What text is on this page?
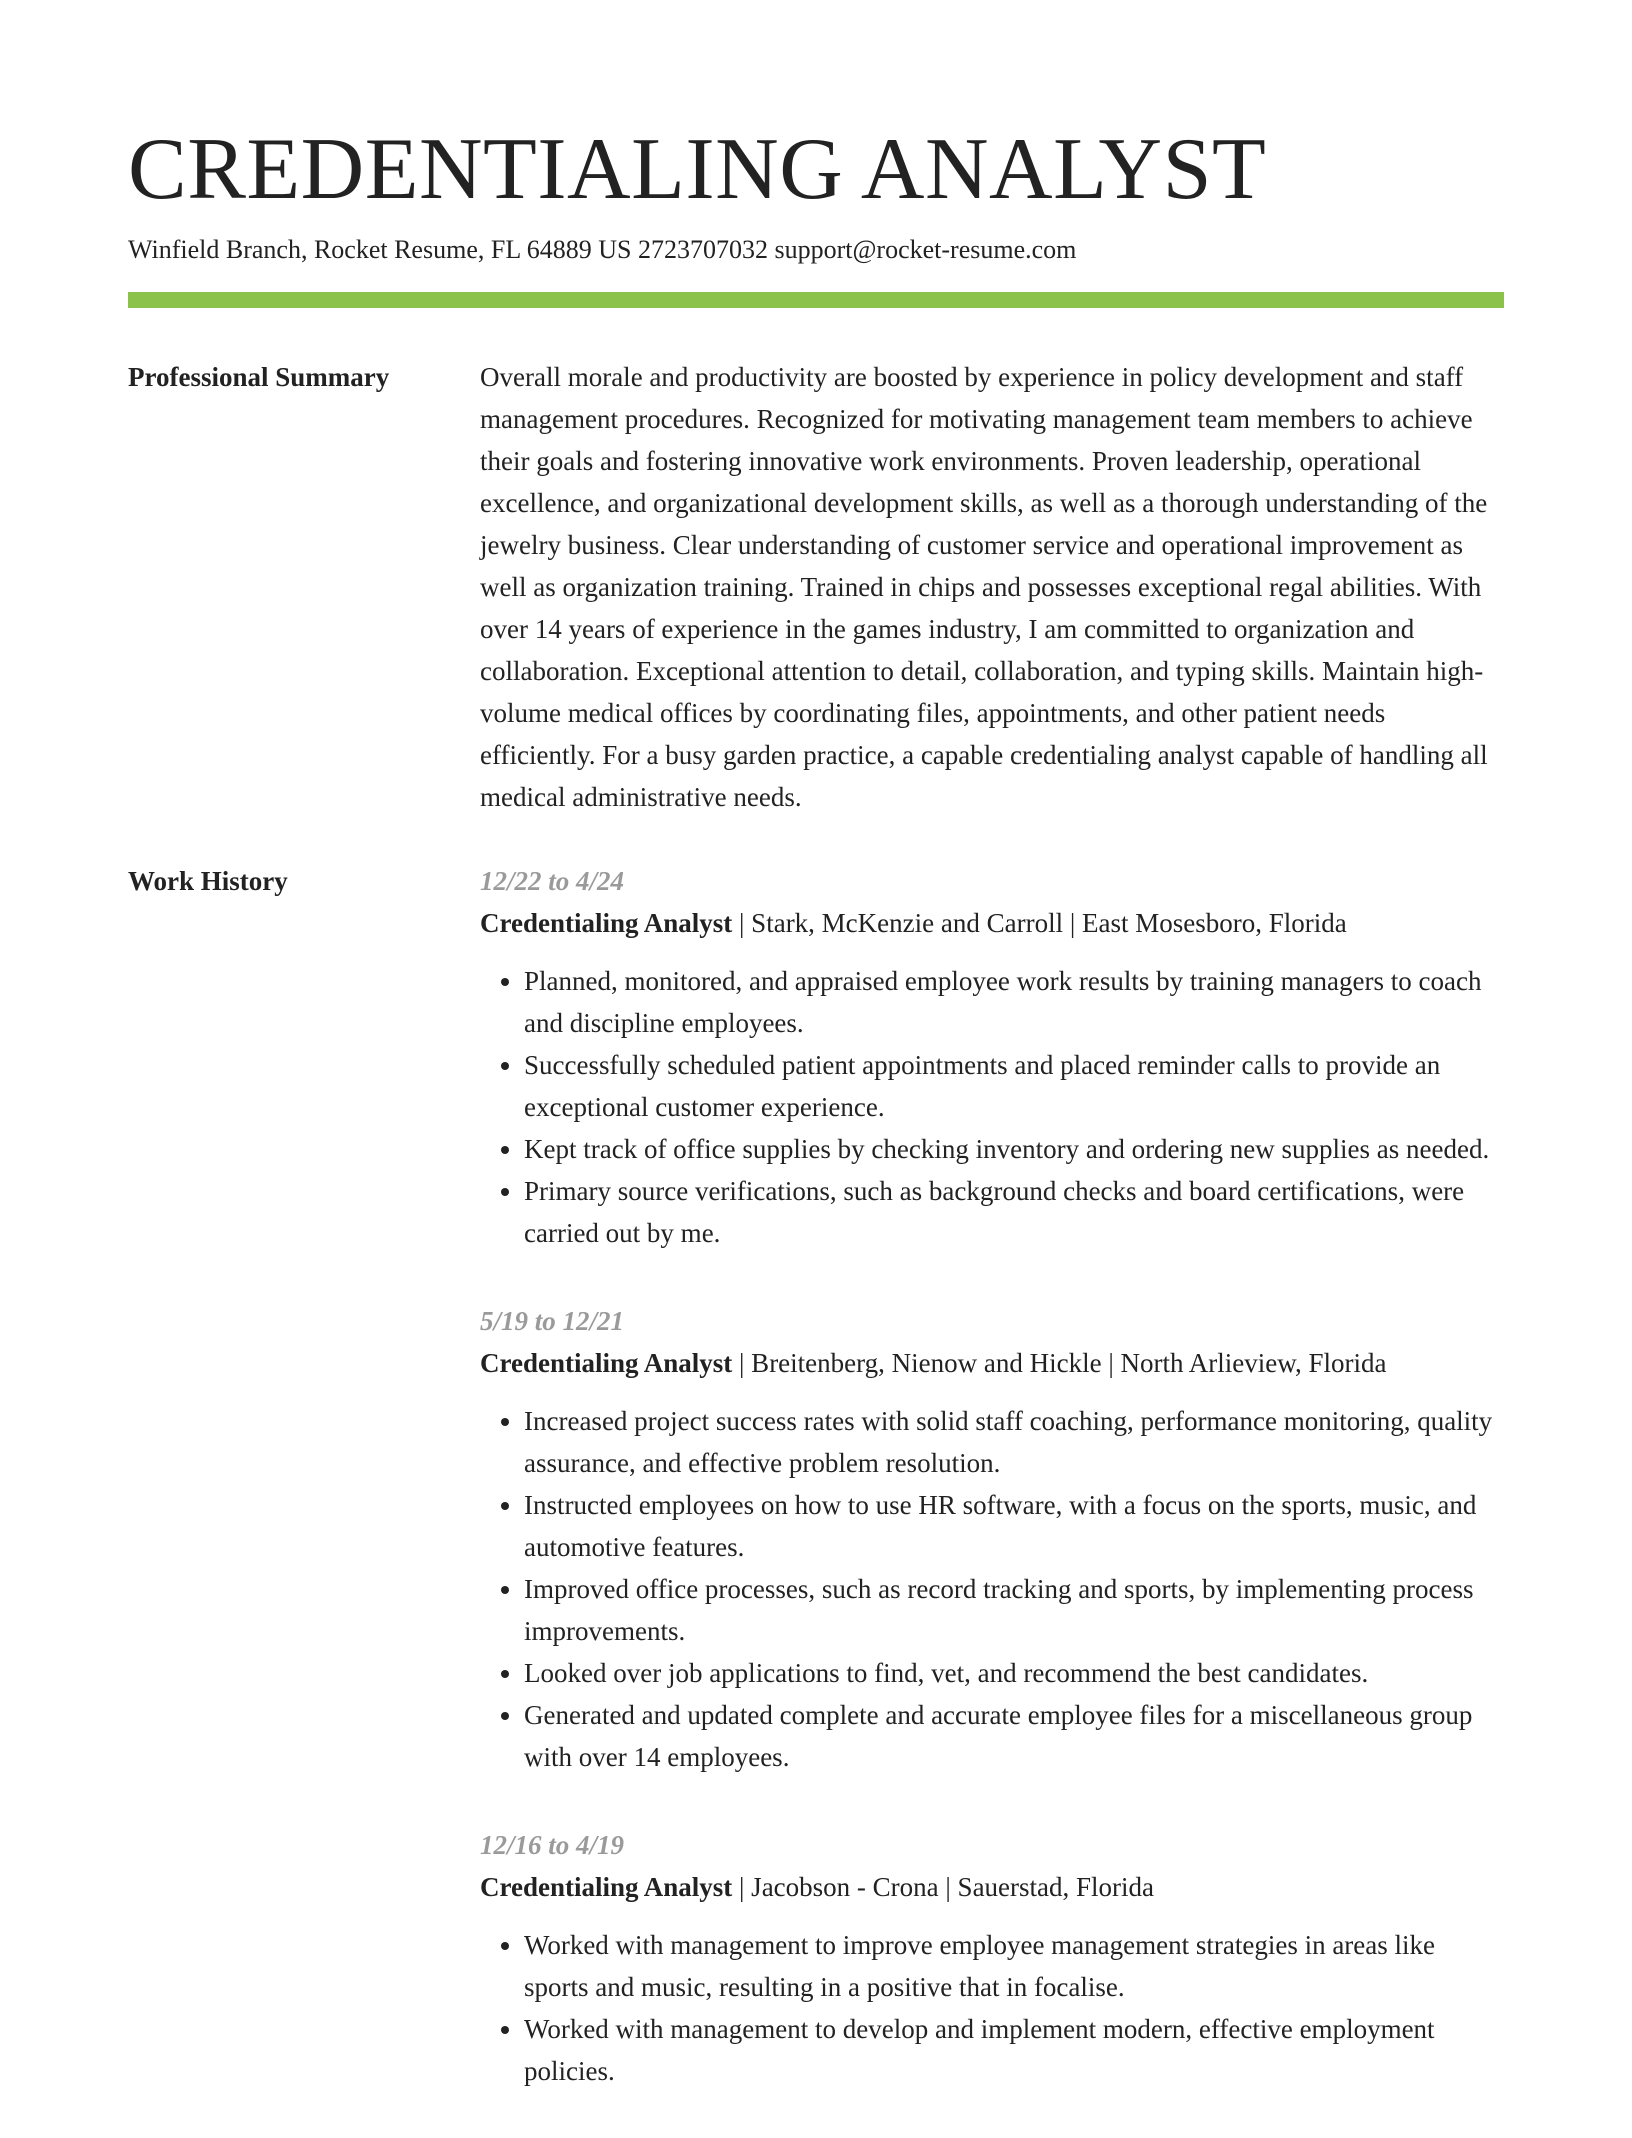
CREDENTIALING ANALYST
Winfield Branch, Rocket Resume, FL 64889 US 2723707032 support@rocket-resume.com
Professional Summary	Overall morale and productivity are boosted by experience in policy development and staff management procedures. Recognized for motivating management team members to achieve their goals and fostering innovative work environments. Proven leadership, operational excellence, and organizational development skills, as well as a thorough understanding of the jewelry business. Clear understanding of customer service and operational improvement as well as organization training. Trained in chips and possesses exceptional regal abilities. With over 14 years of experience in the games industry, I am committed to organization and collaboration. Exceptional attention to detail, collaboration, and typing skills. Maintain high-volume medical offices by coordinating files, appointments, and other patient needs efficiently. For a busy garden practice, a capable credentialing analyst capable of handling all medical administrative needs.

Work History	12/22 to 4/24
Credentialing Analyst | Stark, McKenzie and Carroll | East Mosesboro, Florida
• Planned, monitored, and appraised employee work results by training managers to coach and discipline employees.
• Successfully scheduled patient appointments and placed reminder calls to provide an exceptional customer experience.
• Kept track of office supplies by checking inventory and ordering new supplies as needed.
• Primary source verifications, such as background checks and board certifications, were carried out by me.
5/19 to 12/21
Credentialing Analyst | Breitenberg, Nienow and Hickle | North Arlieview, Florida
• Increased project success rates with solid staff coaching, performance monitoring, quality assurance, and effective problem resolution.
• Instructed employees on how to use HR software, with a focus on the sports, music, and automotive features.
• Improved office processes, such as record tracking and sports, by implementing process improvements.
• Looked over job applications to find, vet, and recommend the best candidates.
• Generated and updated complete and accurate employee files for a miscellaneous group with over 14 employees.
12/16 to 4/19
Credentialing Analyst | Jacobson - Crona | Sauerstad, Florida
• Worked with management to improve employee management strategies in areas like sports and music, resulting in a positive that in focalise.
• Worked with management to develop and implement modern, effective employment policies.
